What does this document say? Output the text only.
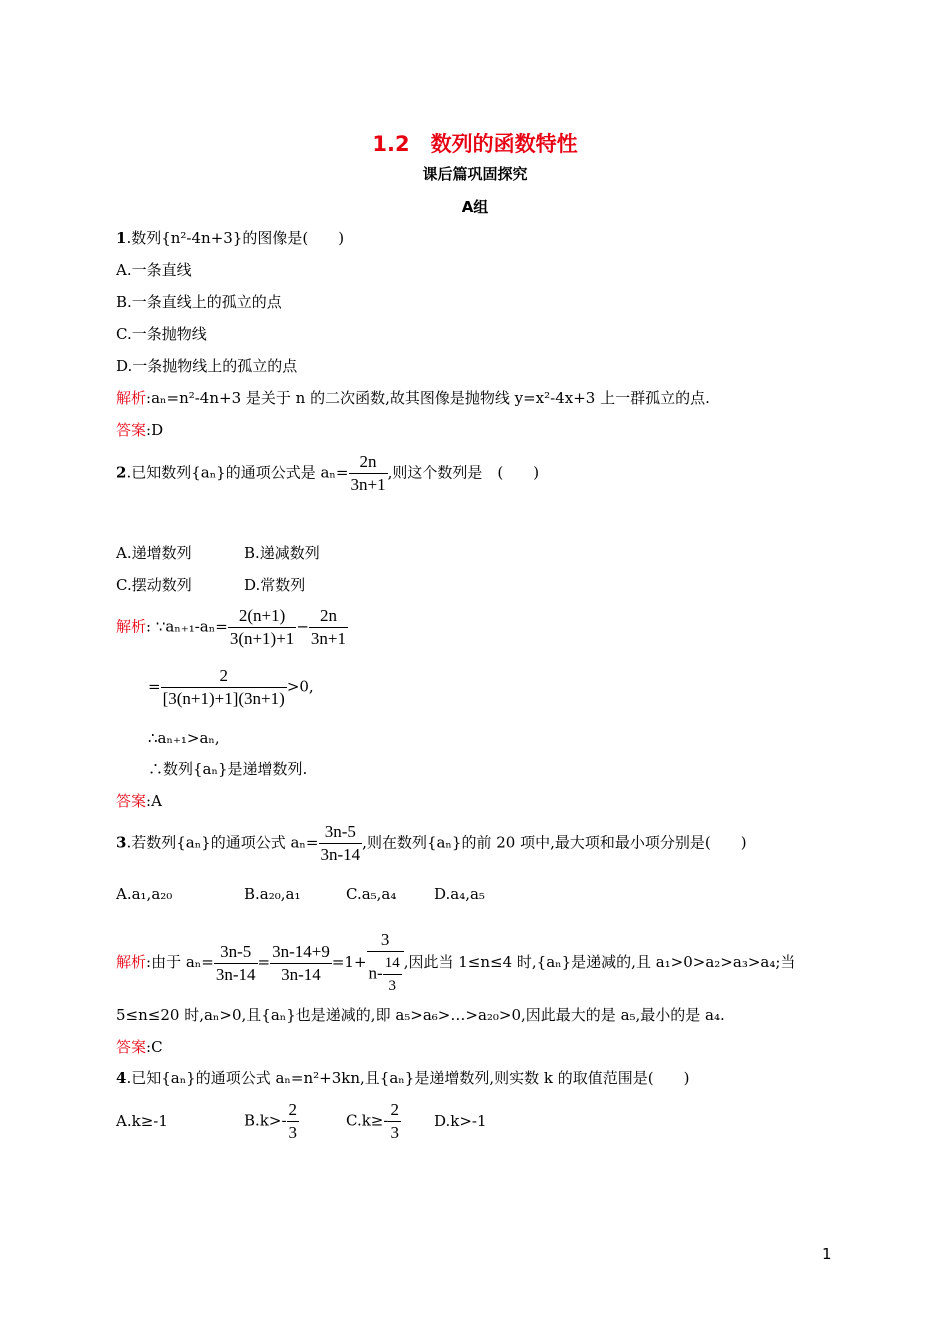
1.2　数列的函数特性
课后篇巩固探究
A组
1.数列{n²-4n+3}的图像是(　　)
A.一条直线
B.一条直线上的孤立的点
C.一条抛物线
D.一条抛物线上的孤立的点
解析:aₙ=n²-4n+3 是关于 n 的二次函数,故其图像是抛物线 y=x²-4x+3 上一群孤立的点.
答案:D
2.已知数列{aₙ}的通项公式是 $a_n= \frac{2n}{3n+1}$ ,则这个数列是　(　　)
A.递增数列	B.递减数列
C.摆动数列	D.常数列
解析: ∵aₙ₊₁-aₙ= $\frac{2(n+1)}{3(n+1)+1} - \frac{2n}{3n+1}$
= $\frac{2}{[3(n+1)+1](3n+1)} >0$,
∴aₙ₊₁>aₙ,
∴数列{aₙ}是递增数列.
答案:A
3.若数列{aₙ}的通项公式 $a_n= \frac{3n-5}{3n-14}$ ,则在数列{aₙ}的前 20 项中,最大项和最小项分别是(　　)
A.a₁,a₂₀	B.a₂₀,a₁	C.a₅,a₄	D.a₄,a₅
解析:由于 $a_n= \frac{3n-5}{3n-14} = \frac{3n-14+9}{3n-14} =1+ \frac{3}{n- \frac{14}{3}}$ ,因此当 1≤n≤4 时,{aₙ}是递减的,且 a₁>0>a₂>a₃>a₄;当
5≤n≤20 时,aₙ>0,且{aₙ}也是递减的,即 a₅>a₆>…>a₂₀>0,因此最大的是 a₅,最小的是 a₄.
答案:C
4.已知{aₙ}的通项公式 aₙ=n²+3kn,且{aₙ}是递增数列,则实数 k 的取值范围是(　　)
A.k≥-1	$B.k>- \frac{2}{3}$	$C.k\ge- \frac{2}{3} D.k>-1$
1
